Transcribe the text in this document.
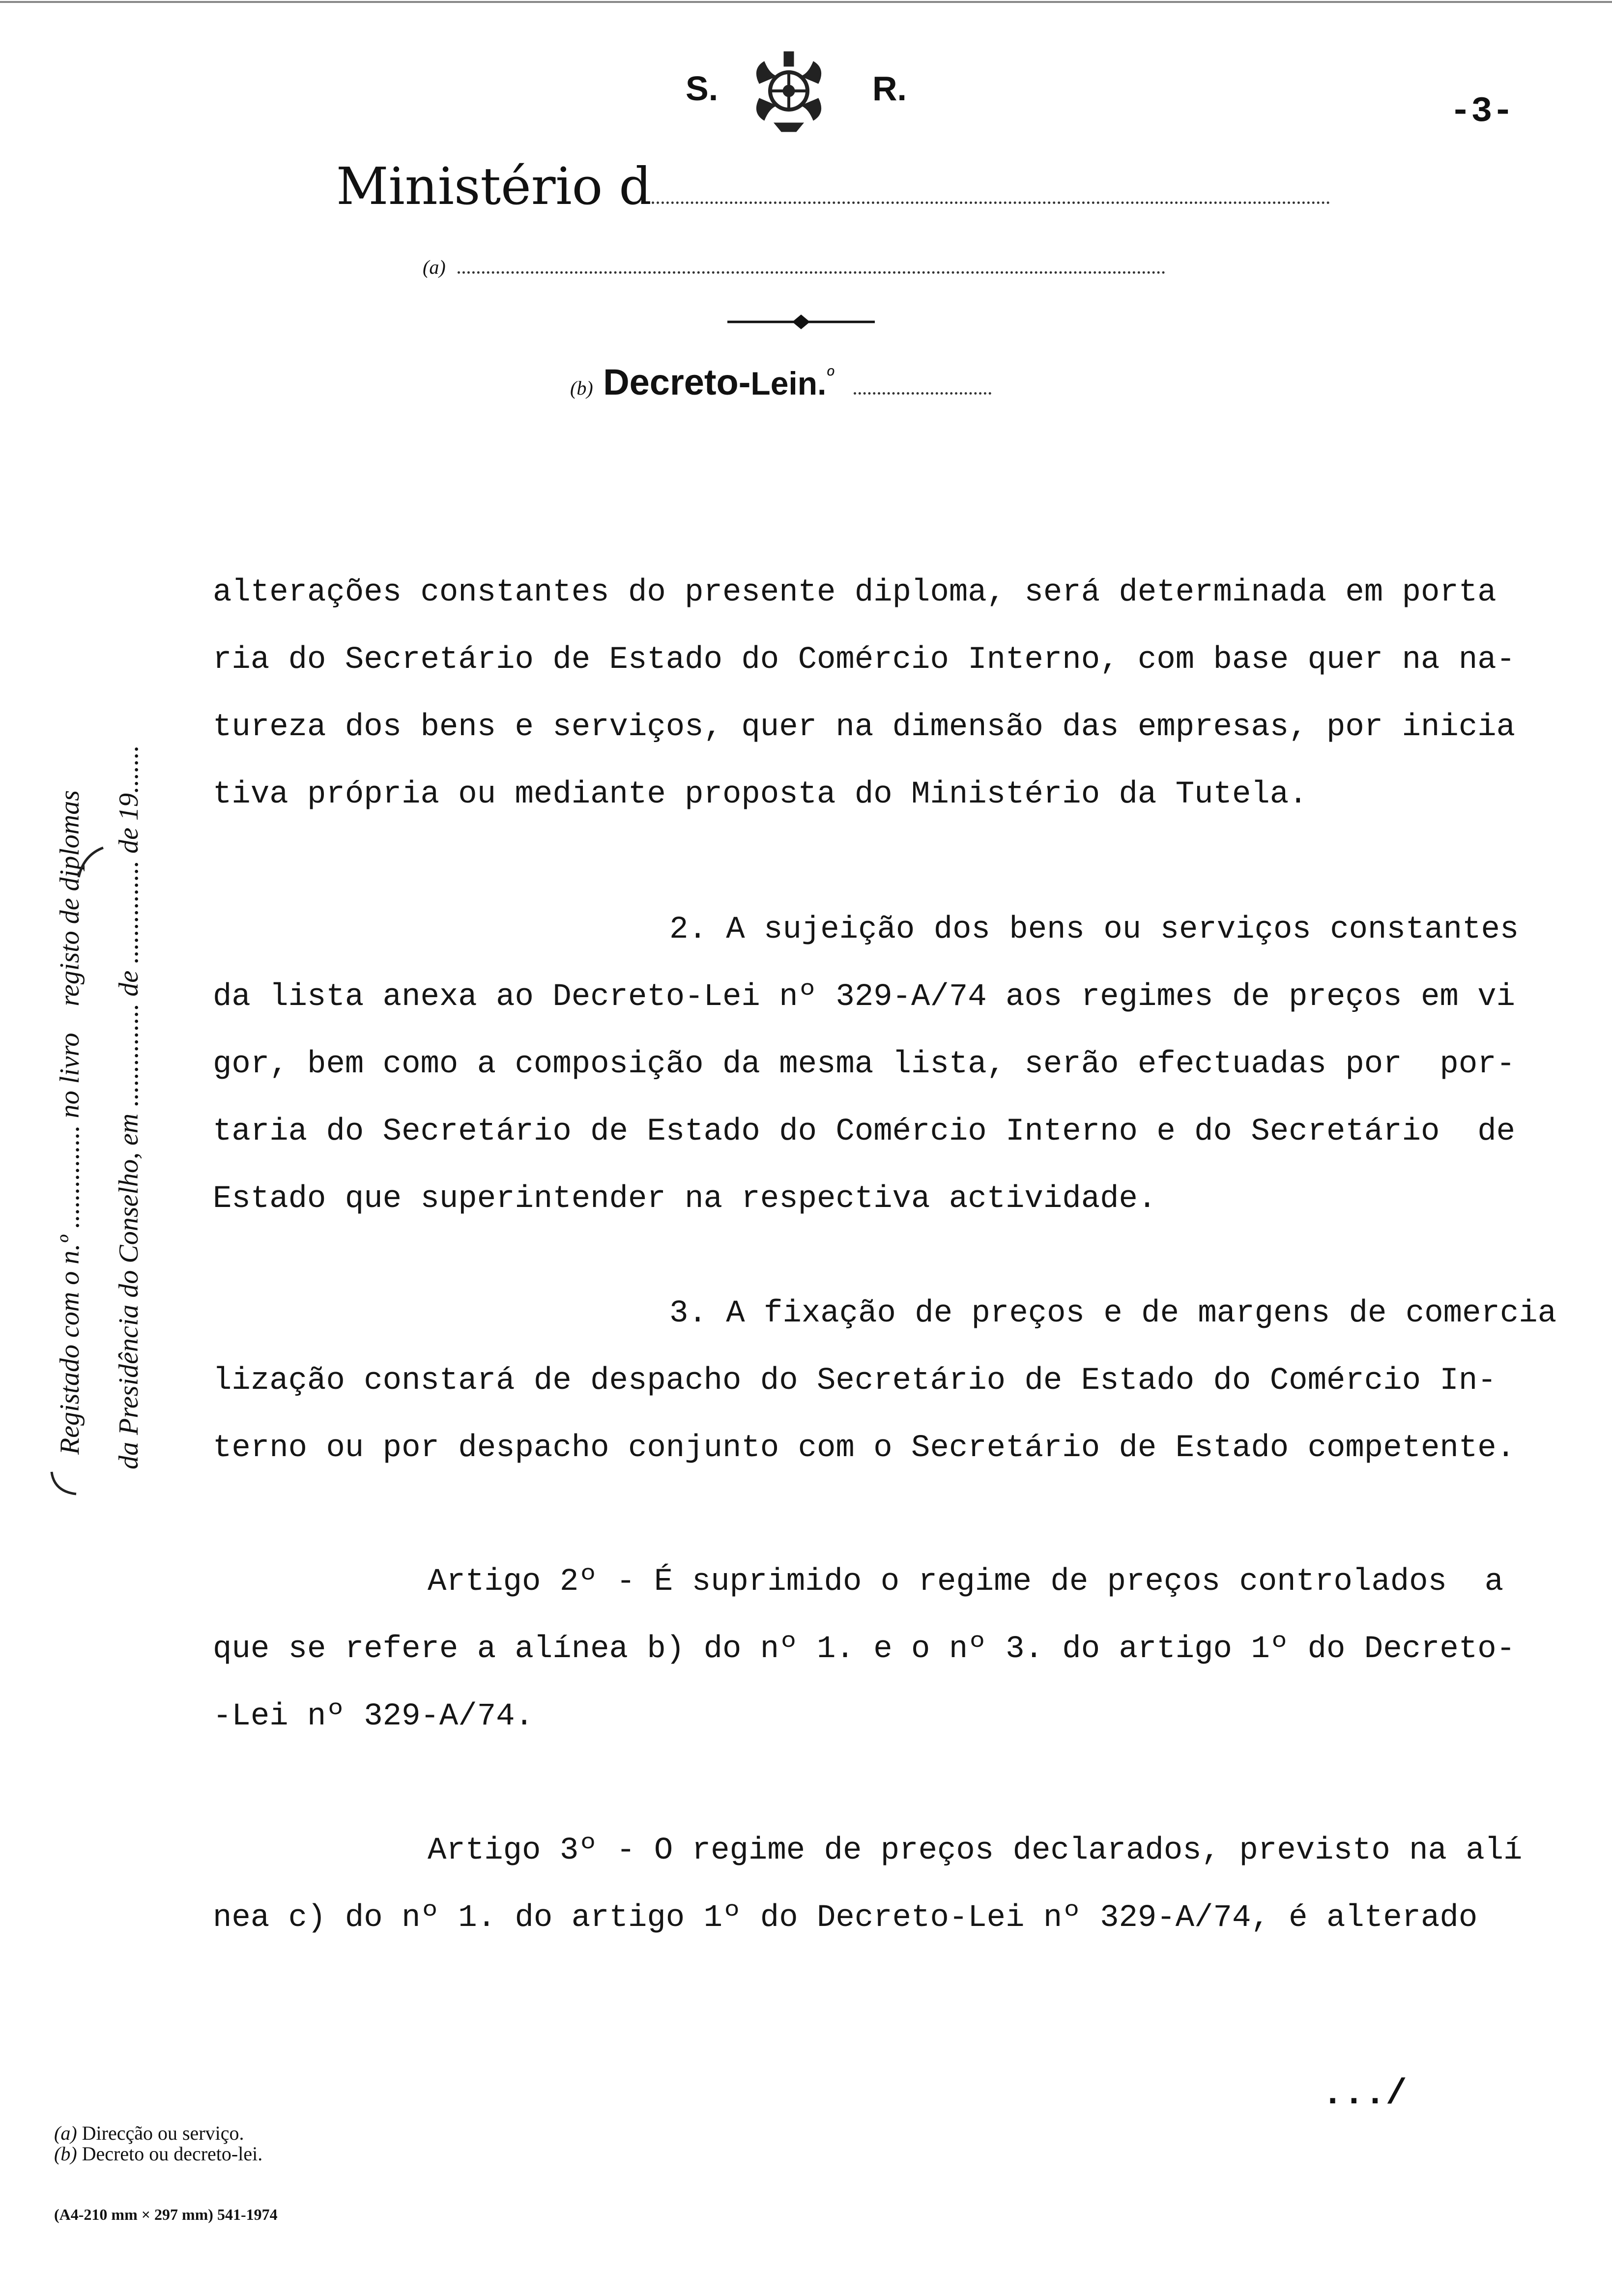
S.	R.
-3-
Ministério d
(a)
(b) Decreto-Lein.$^º$
Registado com o n.º ............... no livro registo de diplomas da Presidência do Conselho, em ............... de ............... de 19.......

alterações constantes do presente diploma, será determinada em porta

ria do Secretário de Estado do Comércio Interno, com base quer na na-

tureza dos bens e serviços, quer na dimensão das empresas, por inicia

tiva própria ou mediante proposta do Ministério da Tutela.

2. A sujeição dos bens ou serviços constantes

da lista anexa ao Decreto-Lei nº 329-A/74 aos regimes de preços em vi

gor, bem como a composição da mesma lista, serão efectuadas por  por-

taria do Secretário de Estado do Comércio Interno e do Secretário  de

Estado que superintender na respectiva actividade.

3. A fixação de preços e de margens de comercia

lização constará de despacho do Secretário de Estado do Comércio In-

terno ou por despacho conjunto com o Secretário de Estado competente.

Artigo 2º - É suprimido o regime de preços controlados  a

que se refere a alínea b) do nº 1. e o nº 3. do artigo 1º do Decreto-

-Lei nº 329-A/74.

Artigo 3º - O regime de preços declarados, previsto na alí

nea c) do nº 1. do artigo 1º do Decreto-Lei nº 329-A/74, é alterado

.../
(a) Direcção ou serviço.
(b) Decreto ou decreto-lei.
(A4-210 mm × 297 mm) 541-1974
